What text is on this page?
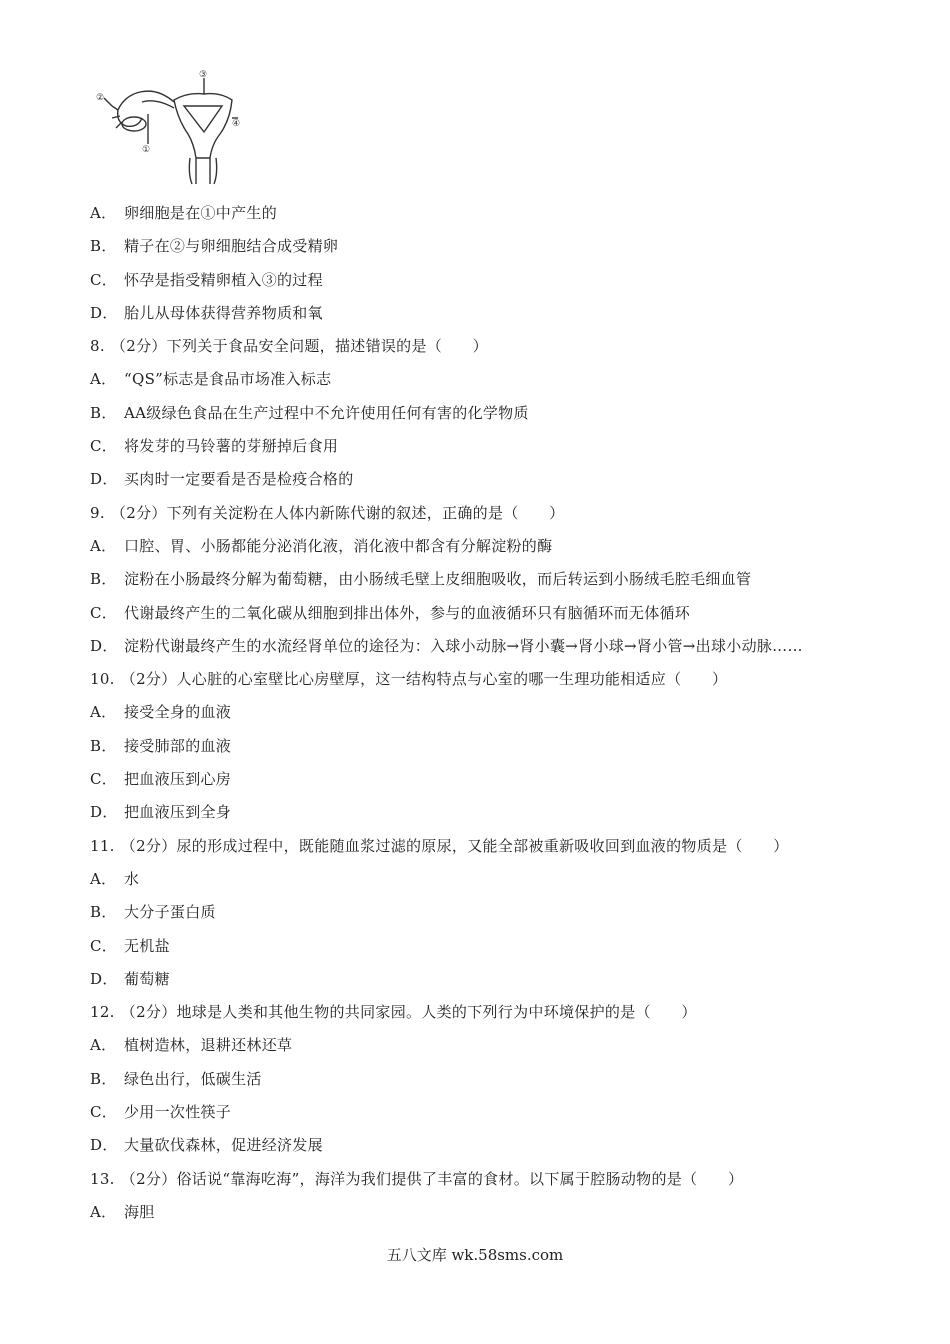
①
②
③
④
A． 卵细胞是在①中产生的
B． 精子在②与卵细胞结合成受精卵
C． 怀孕是指受精卵植入③的过程
D． 胎儿从母体获得营养物质和氧
8. （2分）下列关于食品安全问题，描述错误的是（　　）
A． “QS”标志是食品市场准入标志
B． AA级绿色食品在生产过程中不允许使用任何有害的化学物质
C． 将发芽的马铃薯的芽掰掉后食用
D． 买肉时一定要看是否是检疫合格的
9. （2分）下列有关淀粉在人体内新陈代谢的叙述，正确的是（　　）
A． 口腔、胃、小肠都能分泌消化液，消化液中都含有分解淀粉的酶
B． 淀粉在小肠最终分解为葡萄糖，由小肠绒毛壁上皮细胞吸收，而后转运到小肠绒毛腔毛细血管
C． 代谢最终产生的二氧化碳从细胞到排出体外，参与的血液循环只有脑循环而无体循环
D． 淀粉代谢最终产生的水流经肾单位的途径为：入球小动脉→肾小囊→肾小球→肾小管→出球小动脉……
10. （2分）人心脏的心室壁比心房壁厚，这一结构特点与心室的哪一生理功能相适应（　　）
A． 接受全身的血液
B． 接受肺部的血液
C． 把血液压到心房
D． 把血液压到全身
11. （2分）尿的形成过程中，既能随血浆过滤的原尿，又能全部被重新吸收回到血液的物质是（　　）
A． 水
B． 大分子蛋白质
C． 无机盐
D． 葡萄糖
12. （2分）地球是人类和其他生物的共同家园。人类的下列行为中环境保护的是（　　）
A． 植树造林，退耕还林还草
B． 绿色出行，低碳生活
C． 少用一次性筷子
D． 大量砍伐森林，促进经济发展
13. （2分）俗话说“靠海吃海”，海洋为我们提供了丰富的食材。以下属于腔肠动物的是（　　）
A． 海胆
五八文库 wk.58sms.com
